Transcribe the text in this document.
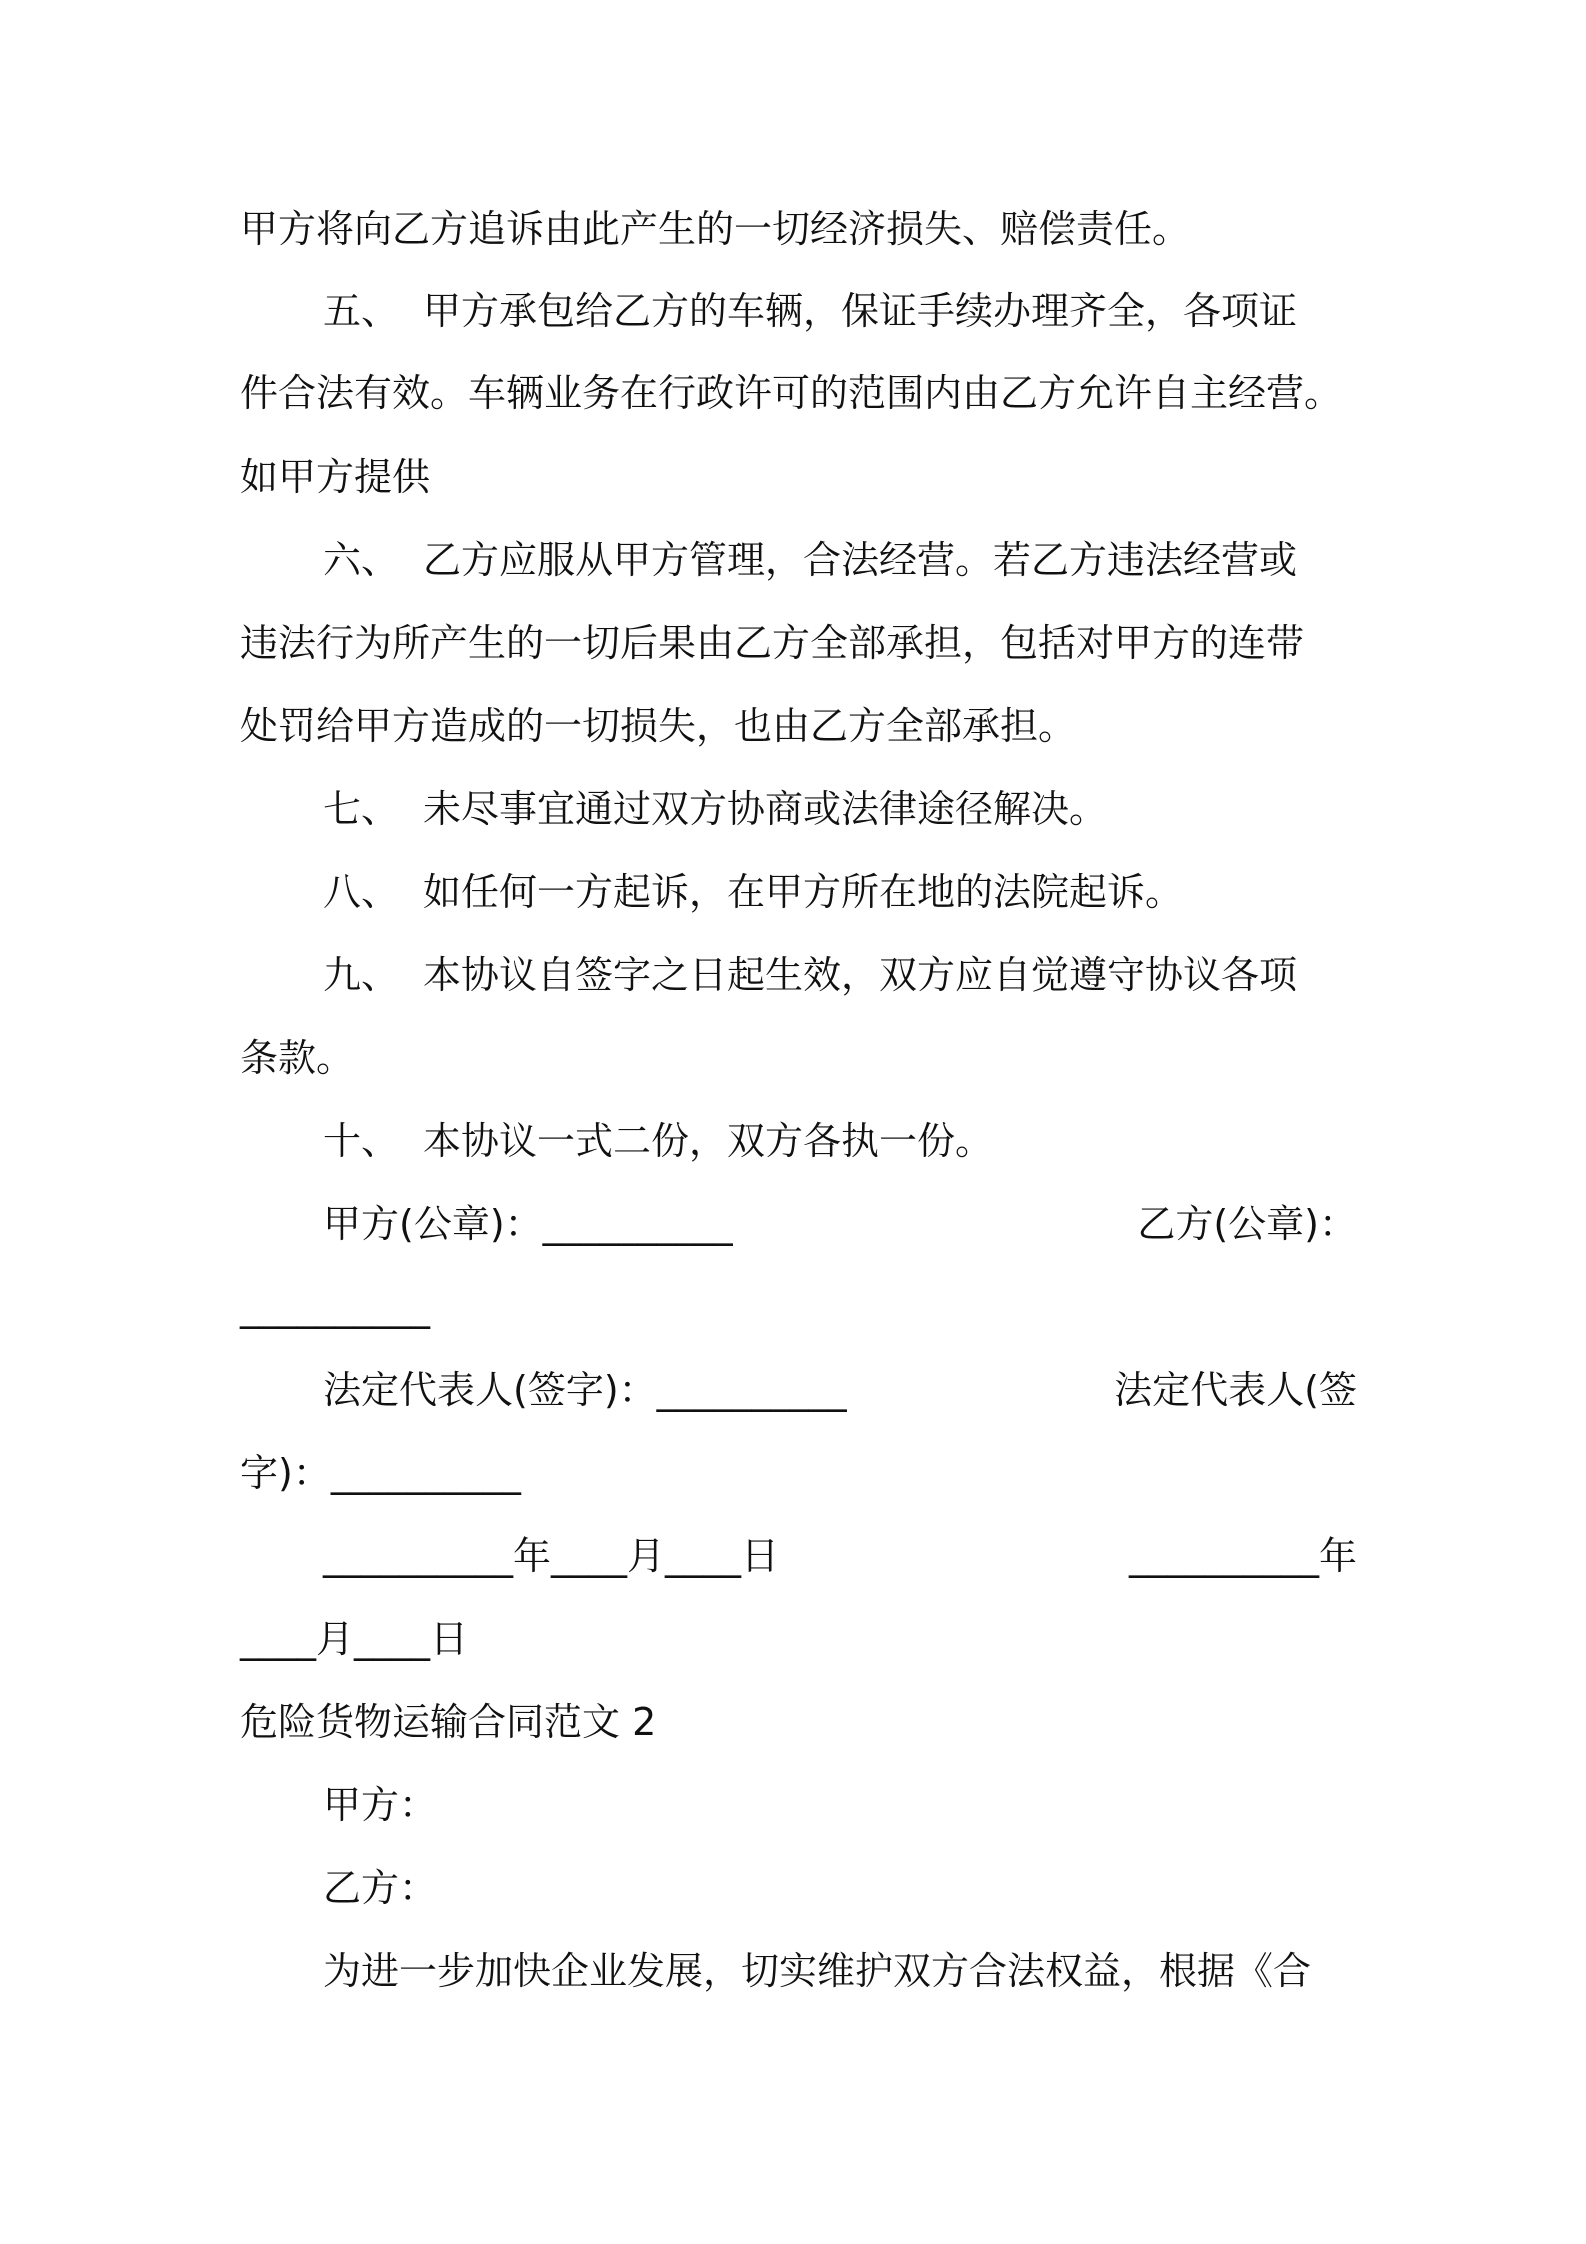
甲方将向乙方追诉由此产生的一切经济损失、赔偿责任。
五、 甲方承包给乙方的车辆，保证手续办理齐全，各项证
件合法有效。车辆业务在行政许可的范围内由乙方允许自主经营。
如甲方提供
六、 乙方应服从甲方管理，合法经营。若乙方违法经营或
违法行为所产生的一切后果由乙方全部承担，包括对甲方的连带
处罚给甲方造成的一切损失，也由乙方全部承担。
七、 未尽事宜通过双方协商或法律途径解决。
八、 如任何一方起诉，在甲方所在地的法院起诉。
九、 本协议自签字之日起生效，双方应自觉遵守协议各项
条款。
十、 本协议一式二份，双方各执一份。
甲方(公章)：__________	乙方(公章)：
__________
法定代表人(签字)：__________	法定代表人(签
字)：__________
__________年____月____日	__________年
____月____日
危险货物运输合同范文 2
甲方：
乙方：
为进一步加快企业发展，切实维护双方合法权益，根据《合
